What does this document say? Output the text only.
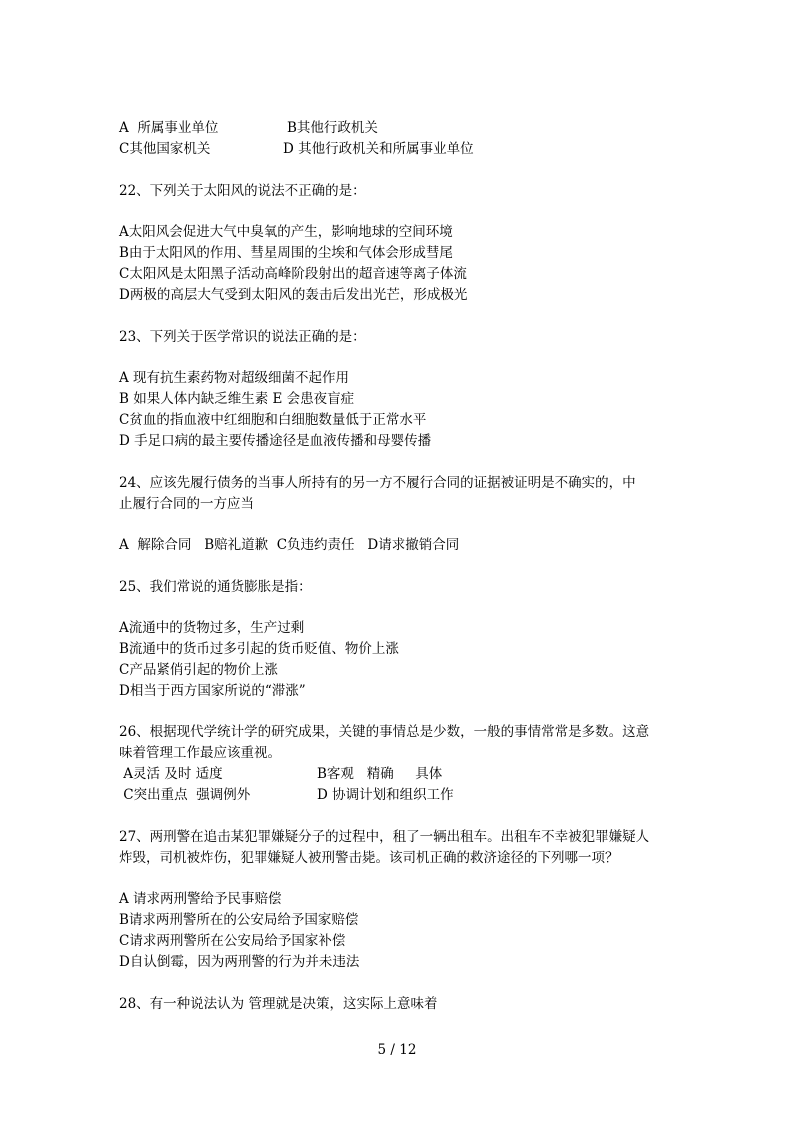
A  所属事业单位	B其他行政机关
C其他国家机关	D 其他行政机关和所属事业单位
22、下列关于太阳风的说法不正确的是：
A太阳风会促进大气中臭氧的产生，影响地球的空间环境
B由于太阳风的作用、彗星周围的尘埃和气体会形成彗尾
C太阳风是太阳黑子活动高峰阶段射出的超音速等离子体流
D两极的高层大气受到太阳风的轰击后发出光芒，形成极光
23、下列关于医学常识的说法正确的是：
A 现有抗生素药物对超级细菌不起作用
B 如果人体内缺乏维生素 E 会患夜盲症
C贫血的指血液中红细胞和白细胞数量低于正常水平
D 手足口病的最主要传播途径是血液传播和母婴传播
24、应该先履行债务的当事人所持有的另一方不履行合同的证据被证明是不确实的，中
止履行合同的一方应当
A  解除合同   B赔礼道歉  C负违约责任   D请求撤销合同
25、我们常说的通货膨胀是指：
A流通中的货物过多，生产过剩
B流通中的货币过多引起的货币贬值、物价上涨
C产品紧俏引起的物价上涨
D相当于西方国家所说的“滞涨”
26、根据现代学统计学的研究成果，关键的事情总是少数，一般的事情常常是多数。这意
味着管理工作最应该重视。
A灵活 及时 适度	B客观   精确     具体
C突出重点  强调例外	D 协调计划和组织工作
27、两刑警在追击某犯罪嫌疑分子的过程中，租了一辆出租车。出租车不幸被犯罪嫌疑人
炸毁，司机被炸伤，犯罪嫌疑人被刑警击毙。该司机正确的救济途径的下列哪一项？
A 请求两刑警给予民事赔偿
B请求两刑警所在的公安局给予国家赔偿
C请求两刑警所在公安局给予国家补偿
D自认倒霉，因为两刑警的行为并未违法
28、有一种说法认为 管理就是决策，这实际上意味着
5 / 12
